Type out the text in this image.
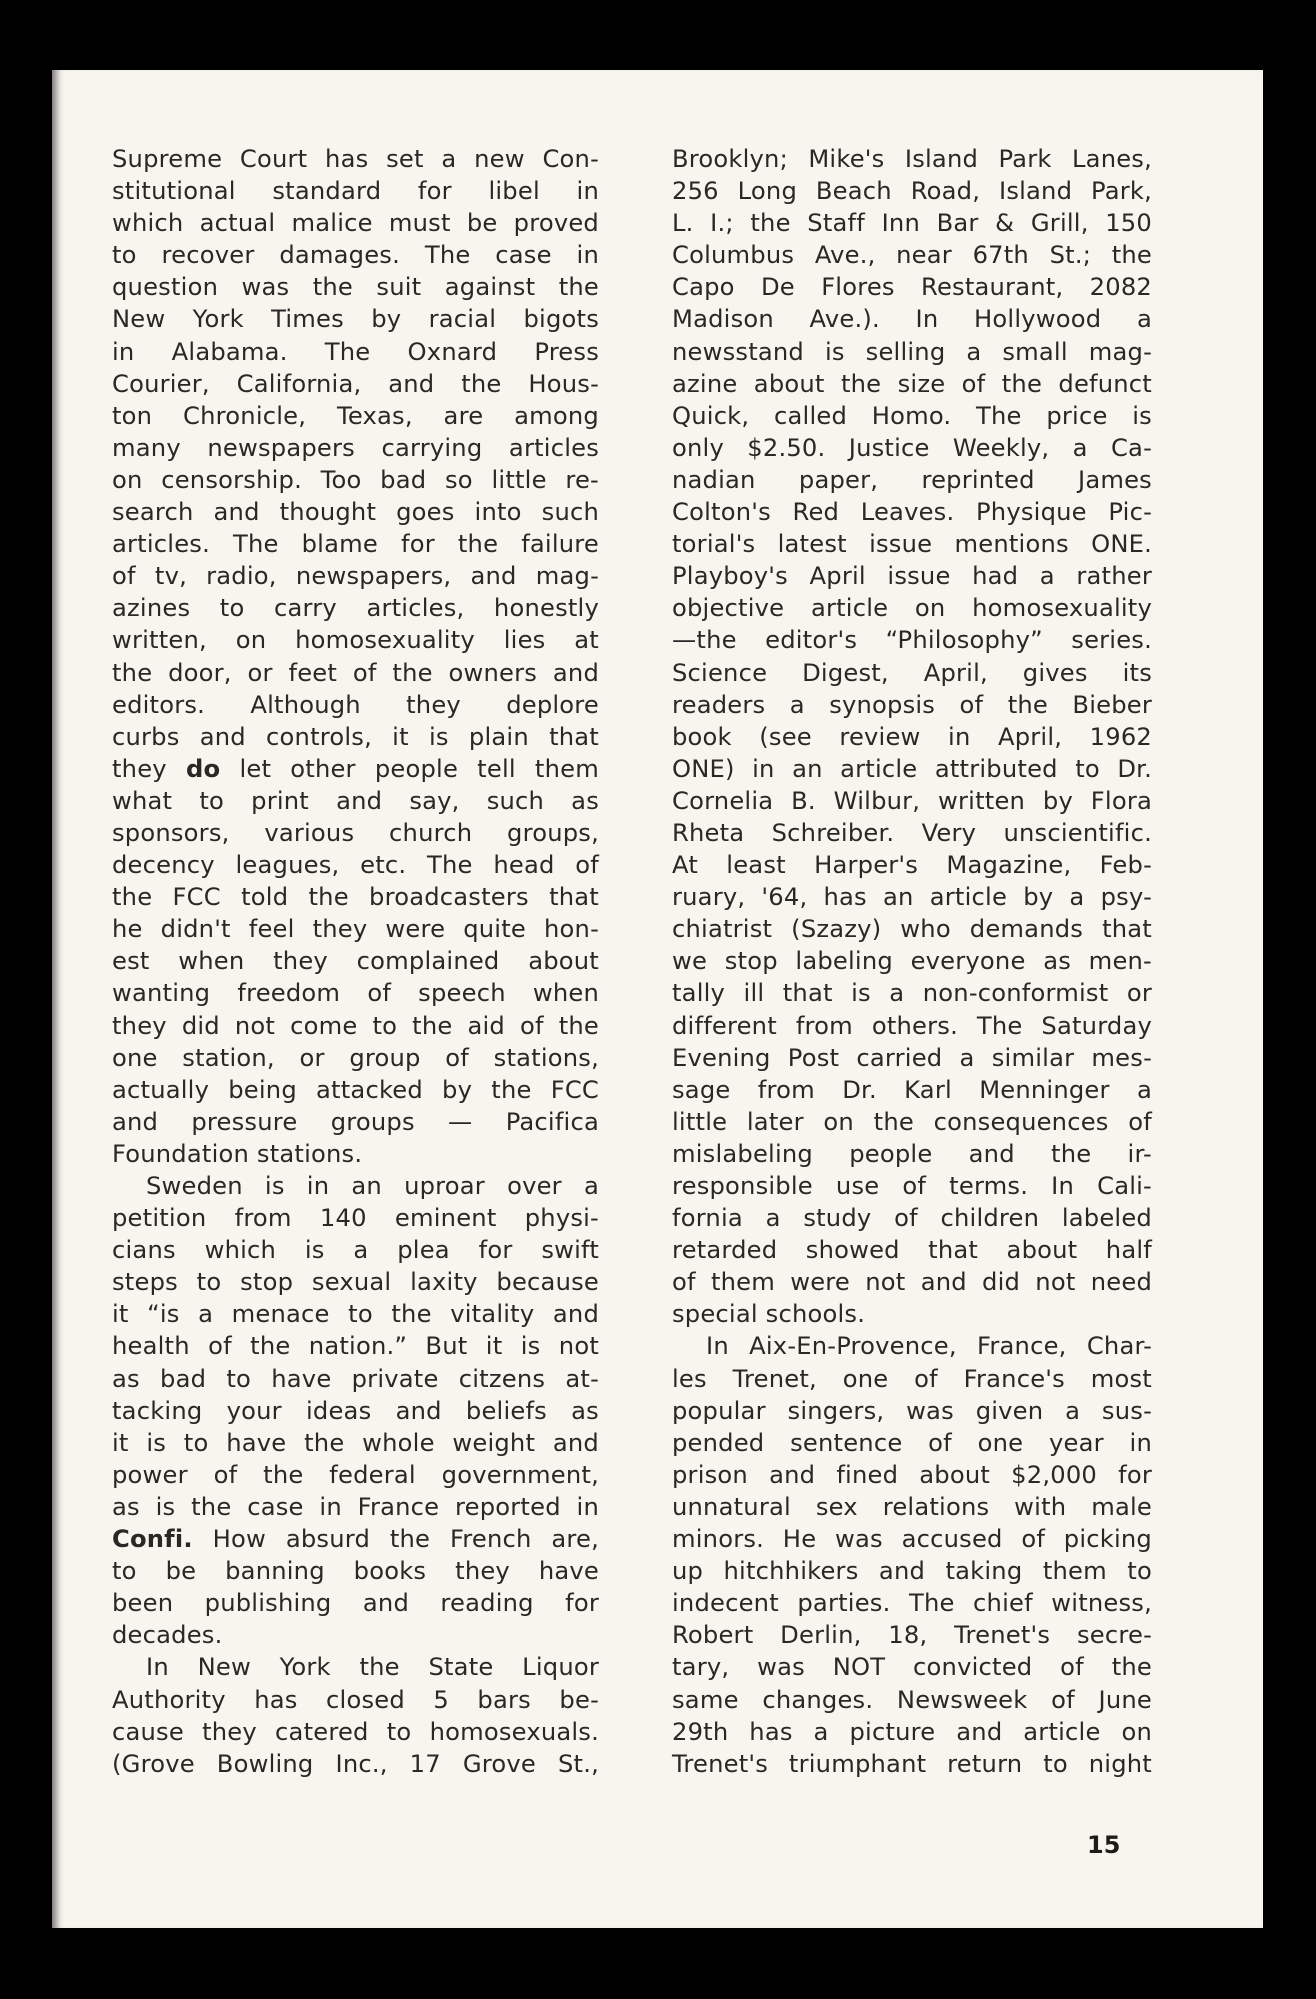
Supreme Court has set a new Con-
stitutional standard for libel in
which actual malice must be proved
to recover damages. The case in
question was the suit against the
New York Times by racial bigots
in Alabama. The Oxnard Press
Courier, California, and the Hous-
ton Chronicle, Texas, are among
many newspapers carrying articles
on censorship. Too bad so little re-
search and thought goes into such
articles. The blame for the failure
of tv, radio, newspapers, and mag-
azines to carry articles, honestly
written, on homosexuality lies at
the door, or feet of the owners and
editors. Although they deplore
curbs and controls, it is plain that
they do let other people tell them
what to print and say, such as
sponsors, various church groups,
decency leagues, etc. The head of
the FCC told the broadcasters that
he didn't feel they were quite hon-
est when they complained about
wanting freedom of speech when
they did not come to the aid of the
one station, or group of stations,
actually being attacked by the FCC
and pressure groups — Pacifica
Foundation stations.
Sweden is in an uproar over a
petition from 140 eminent physi-
cians which is a plea for swift
steps to stop sexual laxity because
it “is a menace to the vitality and
health of the nation.” But it is not
as bad to have private citzens at-
tacking your ideas and beliefs as
it is to have the whole weight and
power of the federal government,
as is the case in France reported in
Confi. How absurd the French are,
to be banning books they have
been publishing and reading for
decades.
In New York the State Liquor
Authority has closed 5 bars be-
cause they catered to homosexuals.
(Grove Bowling Inc., 17 Grove St.,
Brooklyn; Mike's Island Park Lanes,
256 Long Beach Road, Island Park,
L. I.; the Staff Inn Bar & Grill, 150
Columbus Ave., near 67th St.; the
Capo De Flores Restaurant, 2082
Madison Ave.). In Hollywood a
newsstand is selling a small mag-
azine about the size of the defunct
Quick, called Homo. The price is
only $2.50. Justice Weekly, a Ca-
nadian paper, reprinted James
Colton's Red Leaves. Physique Pic-
torial's latest issue mentions ONE.
Playboy's April issue had a rather
objective article on homosexuality
—the editor's “Philosophy” series.
Science Digest, April, gives its
readers a synopsis of the Bieber
book (see review in April, 1962
ONE) in an article attributed to Dr.
Cornelia B. Wilbur, written by Flora
Rheta Schreiber. Very unscientific.
At least Harper's Magazine, Feb-
ruary, '64, has an article by a psy-
chiatrist (Szazy) who demands that
we stop labeling everyone as men-
tally ill that is a non-conformist or
different from others. The Saturday
Evening Post carried a similar mes-
sage from Dr. Karl Menninger a
little later on the consequences of
mislabeling people and the ir-
responsible use of terms. In Cali-
fornia a study of children labeled
retarded showed that about half
of them were not and did not need
special schools.
In Aix-En-Provence, France, Char-
les Trenet, one of France's most
popular singers, was given a sus-
pended sentence of one year in
prison and fined about $2,000 for
unnatural sex relations with male
minors. He was accused of picking
up hitchhikers and taking them to
indecent parties. The chief witness,
Robert Derlin, 18, Trenet's secre-
tary, was NOT convicted of the
same changes. Newsweek of June
29th has a picture and article on
Trenet's triumphant return to night
15
